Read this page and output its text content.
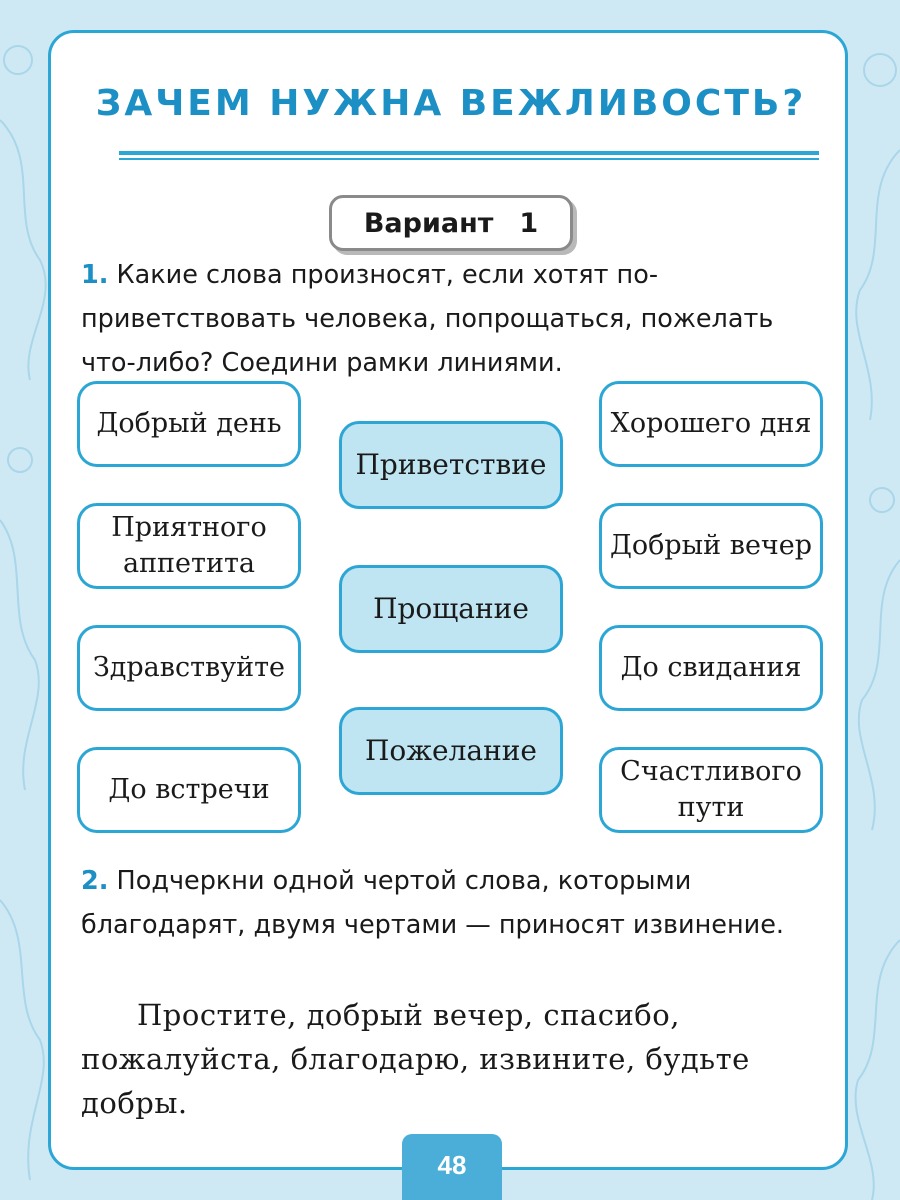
ЗАЧЕМ НУЖНА ВЕЖЛИВОСТЬ?
Вариант 1
1. Какие слова произносят, если хотят поприветствовать человека, попрощаться, пожелать что-либо? Соедини рамки линиями.
Добрый день
Приятного аппетита
Здравствуйте
До встречи
Приветствие
Прощание
Пожелание
Хорошего дня
Добрый вечер
До свидания
Счастливого пути
2. Подчеркни одной чертой слова, которыми благодарят, двумя чертами — приносят извинение.
Простите, добрый вечер, спасибо, пожалуйста, благодарю, извините, будьте добры.
48
